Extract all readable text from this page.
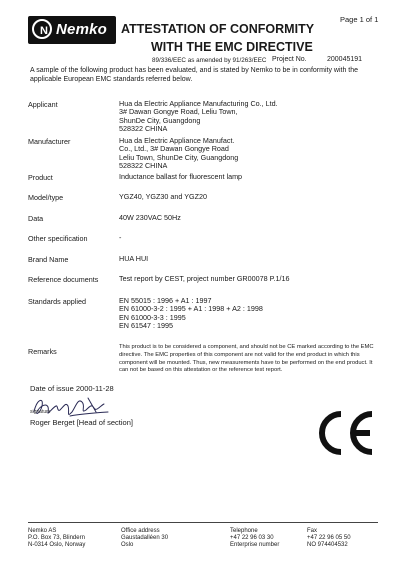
N Nemko
Page 1 of 1
ATTESTATION OF CONFORMITY
WITH THE EMC DIRECTIVE
89/336/EEC as amended by 91/263/EEC Project No.	200045191
A sample of the following product has been evaluated, and is stated by Nemko to be in conformity with the applicable European EMC standards referred below.
Applicant	Hua da Electric Appliance Manufacturing Co., Ltd.
3# Dawan Gongye Road, Leliu Town,
ShunDe City, Guangdong
528322 CHINA
Manufacturer	Hua da Electric Appliance Manufact.
Co., Ltd., 3# Dawan Gongye Road
Leliu Town, ShunDe City, Guangdong
528322 CHINA
Product	Inductance ballast for fluorescent lamp
Model/type	YGZ40, YGZ30 and YGZ20
Data	40W 230VAC 50Hz
Other specification	-
Brand Name	HUA HUI
Reference documents	Test report by CEST, project number GR00078 P.1/16
Standards applied	EN 55015 : 1996 + A1 : 1997
EN 61000-3-2 : 1995 + A1 : 1998 + A2 : 1998
EN 61000-3-3 : 1995
EN 61547 : 1995
Remarks	This product is to be considered a component, and should not be CE marked according to the EMC
directive. The EMC properties of this component are not valid for the end product in which this
component will be mounted. Thus, new measurements have to be performed on the end product. It
can not be based on this attestation or the reference test report.
Date of issue 2000-11-28
signature
Roger Berget [Head of section]
Nemko AS
P.O. Box 73, Blindern
N-0314 Oslo, Norway
Office address
Gaustadalléen 30
Oslo
Telephone
+47 22 96 03 30
Enterprise number
Fax
+47 22 96 05 50
NO 974404532
